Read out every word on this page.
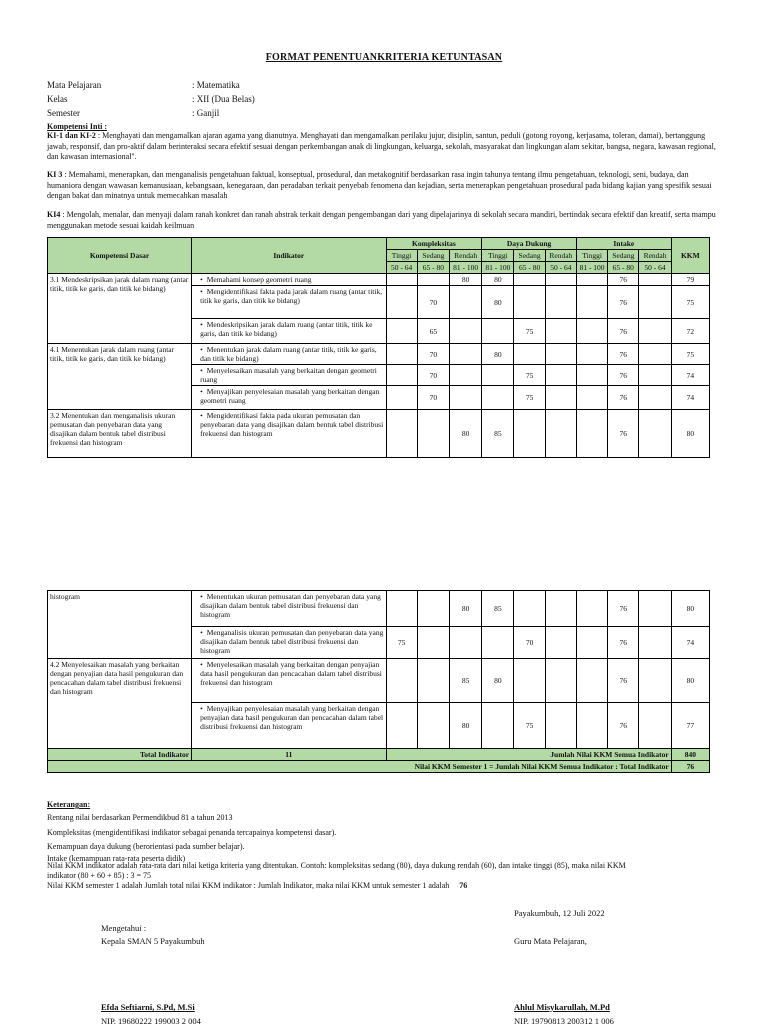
FORMAT PENENTUANKRITERIA KETUNTASAN
Mata Pelajaran	: Matematika
Kelas	: XII (Dua Belas)
Semester	: Ganjil
Kompetensi Inti :
KI-1 dan KI-2 : Menghayati dan mengamalkan ajaran agama yang dianutnya. Menghayati dan mengamalkan perilaku jujur, disiplin, santun, peduli (gotong royong, kerjasama, toleran, damai), bertanggung jawab, responsif, dan pro-aktif dalam berinteraksi secara efektif sesuai dengan perkembangan anak di lingkungan, keluarga, sekolah, masyarakat dan lingkungan alam sekitar, bangsa, negara, kawasan regional, dan kawasan internasional".
KI 3 : Memahami, menerapkan, dan menganalisis pengetahuan faktual, konseptual, prosedural, dan metakognitif berdasarkan rasa ingin tahunya tentang ilmu pengetahuan, teknologi, seni, budaya, dan humaniora dengan wawasan kemanusiaan, kebangsaan, kenegaraan, dan peradaban terkait penyebab fenomena dan kejadian, serta menerapkan pengetahuan prosedural pada bidang kajian yang spesifik sesuai dengan bakat dan minatnya untuk memecahkan masalah
KI4 : Mengolah, menalar, dan menyaji dalam ranah konkret dan ranah abstrak terkait dengan pengembangan dari yang dipelajarinya di sekolah secara mandiri, bertindak secara efektif dan kreatif, serta mampu menggunakan metode sesuai kaidah keilmuan
Kompetensi Dasar	Indikator	Kompleksitas			Daya Dukung			Intake			KKM
		Tinggi	Sedang	Rendah	Tinggi	Sedang	Rendah	Tinggi	Sedang	Rendah	
		50 - 64	65 - 80	81 - 100	81 - 100	65 - 80	50 - 64	81 - 100	65 - 80	50 - 64	
3.1 Mendeskripsikan jarak dalam ruang (antar titik, titik ke garis, dan titik ke bidang)	• Memahami konsep geometri ruang			80	80				76		79
	• Mengidentifikasi fakta pada jarak dalam ruang (antar titik, titik ke garis, dan titik ke bidang)		70		80				76		75
	• Mendeskripsikan jarak dalam ruang (antar titik, titik ke garis, dan titik ke bidang)		65			75			76		72
4.1 Menentukan jarak dalam ruang (antar titik, titik ke garis, dan titik ke bidang)	• Menentukan jarak dalam ruang (antar titik, titik ke garis, dan titik ke bidang)		70		80				76		75
	• Menyelesaikan masalah yang berkaitan dengan geometri ruang		70			75			76		74
	• Menyajikan penyelesaian masalah yang berkaitan dengan geometri ruang		70			75			76		74
3.2 Menentukan dan menganalisis ukuran pemusatan dan penyebaran data yang disajikan dalam bentuk tabel distribusi frekuensi dan histogram	• Mengidentifikasi fakta pada ukuran pemusatan dan penyebaran data yang disajikan dalam bentuk tabel distribusi frekuensi dan histogram			80	85				76		80
histogram	• Menentukan ukuran pemusatan dan penyebaran data yang disajikan dalam bentuk tabel distribusi frekuensi dan histogram			80	85				76		80
	• Menganalisis ukuran pemusatan dan penyebaran data yang disajikan dalam bentuk tabel distribusi frekuensi dan histogram	75				70			76		74
4.2 Menyelesaikan masalah yang berkaitan dengan penyajian data hasil pengukuran dan pencacahan dalam tabel distribusi frekuensi dan histogram	• Menyelesaikan masalah yang berkaitan dengan penyajian data hasil pengukuran dan pencacahan dalam tabel distribusi frekuensi dan histogram			85	80				76		80
	• Menyajikan penyelesaian masalah yang berkaitan dengan penyajian data hasil pengukuran dan pencacahan dalam tabel distribusi frekuensi dan histogram			80		75			76		77
Total Indikator	11	Jumlah Nilai KKM Semua Indikator									840
Nilai KKM Semester 1 = Jumlah Nilai KKM Semua Indikator : Total Indikator											76
Keterangan:
Rentang nilai berdasarkan Permendikbud 81 a tahun 2013
Kompleksitas (mengidentifikasi indikator sebagai penanda tercapainya kompetensi dasar).
Kemampuan daya dukung (berorientasi pada sumber belajar).
Intake (kemampuan rata-rata peserta didik)
Nilai KKM indikator adalah rata-rata dari nilai ketiga kriteria yang ditentukan. Contoh: kompleksitas sedang (80), daya dukung rendah (60), dan intake tinggi (85), maka nilai KKM
indikator (80 + 60 + 85) : 3 = 75
Nilai KKM semester 1 adalah Jumlah total nilai KKM indikator : Jumlah Indikator, maka nilai KKM untuk semester 1 adalah 76
Payakumbuh, 12 Juli 2022
Mengetahui :
Kepala SMAN 5 Payakumbuh	Guru Mata Pelajaran,
Efda Seftiarni, S.Pd, M.Si
NIP. 19680222 199003 2 004
Ahlul Misykarullah, M.Pd
NIP. 19790813 200312 1 006
